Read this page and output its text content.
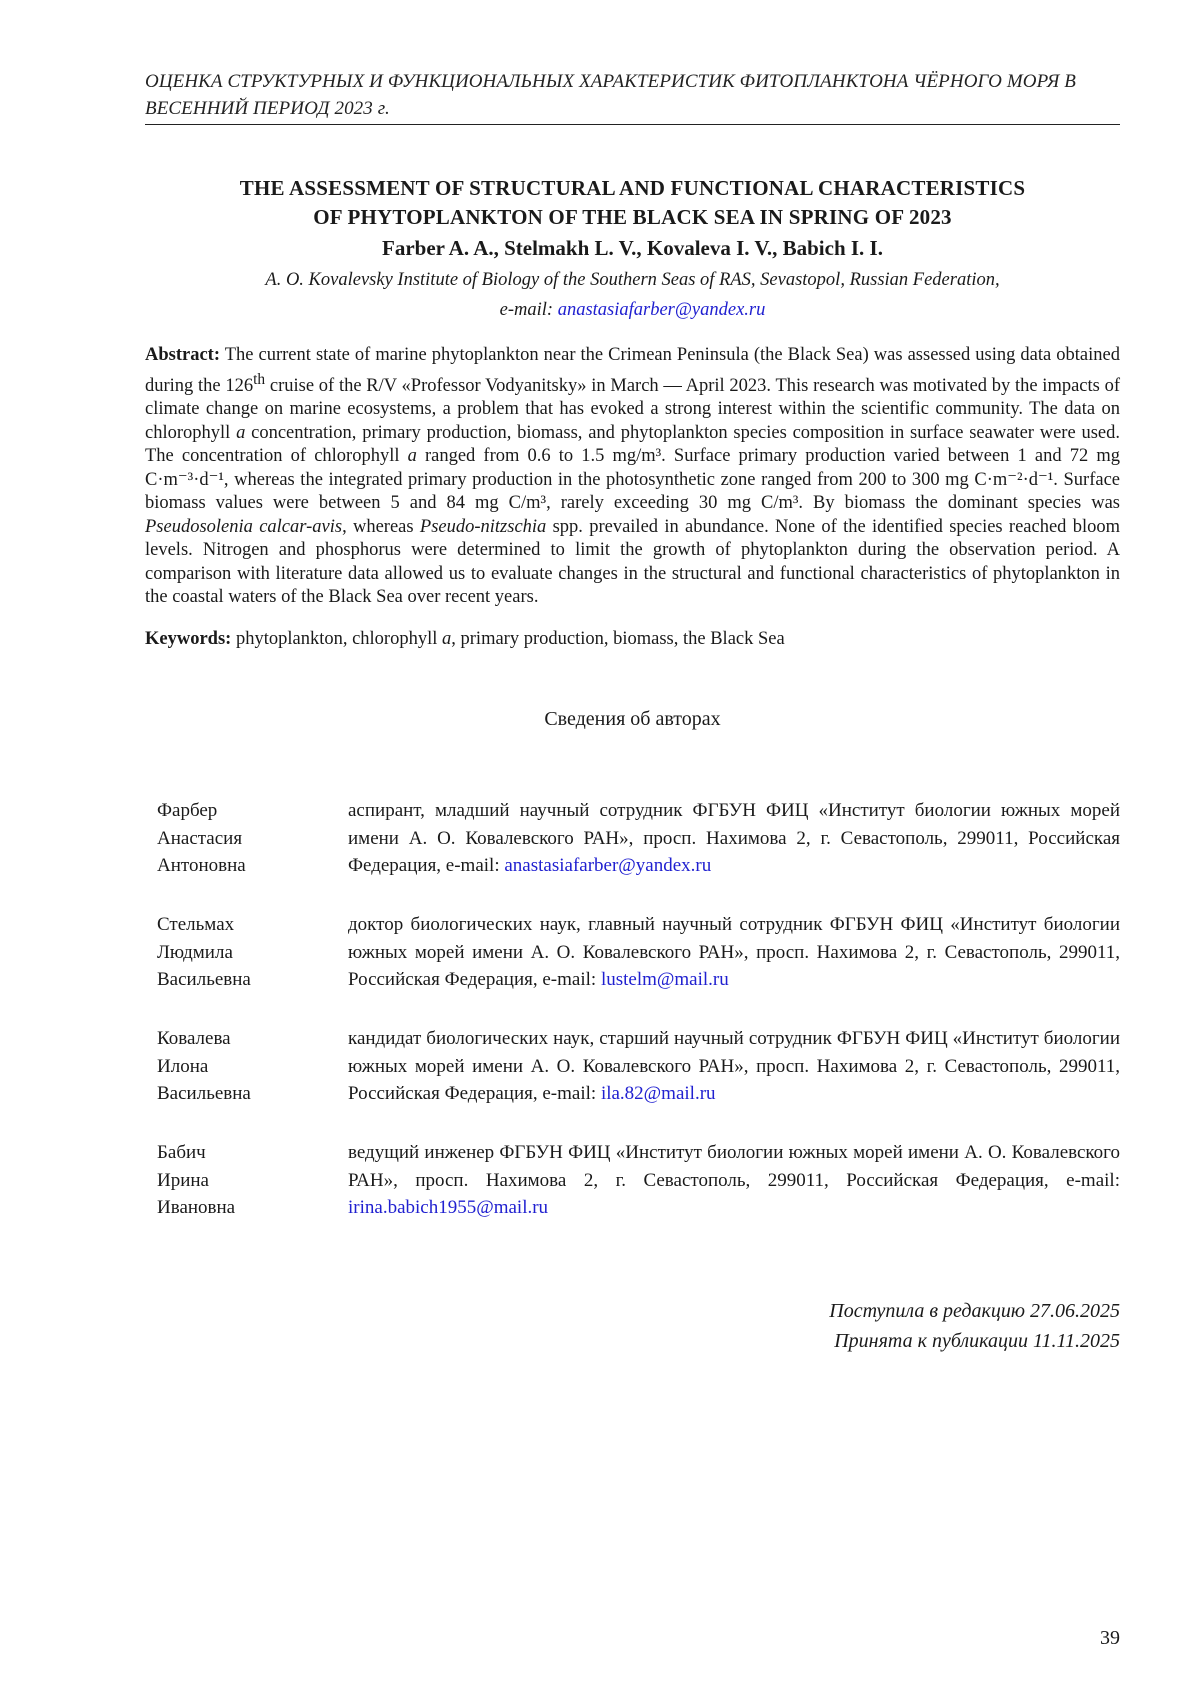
ОЦЕНКА СТРУКТУРНЫХ И ФУНКЦИОНАЛЬНЫХ ХАРАКТЕРИСТИК ФИТОПЛАНКТОНА ЧЁРНОГО МОРЯ В ВЕСЕННИЙ ПЕРИОД 2023 г.
THE ASSESSMENT OF STRUCTURAL AND FUNCTIONAL CHARACTERISTICS
OF PHYTOPLANKTON OF THE BLACK SEA IN SPRING OF 2023
Farber A. A., Stelmakh L. V., Kovaleva I. V., Babich I. I.
A. O. Kovalevsky Institute of Biology of the Southern Seas of RAS, Sevastopol, Russian Federation,
e-mail: anastasiafarber@yandex.ru
Abstract: The current state of marine phytoplankton near the Crimean Peninsula (the Black Sea) was assessed using data obtained during the 126th cruise of the R/V «Professor Vodyanitsky» in March — April 2023. This research was motivated by the impacts of climate change on marine ecosystems, a problem that has evoked a strong interest within the scientific community. The data on chlorophyll a concentration, primary production, biomass, and phytoplankton species composition in surface seawater were used. The concentration of chlorophyll a ranged from 0.6 to 1.5 mg/m³. Surface primary production varied between 1 and 72 mg C·m⁻³·d⁻¹, whereas the integrated primary production in the photosynthetic zone ranged from 200 to 300 mg C·m⁻²·d⁻¹. Surface biomass values were between 5 and 84 mg C/m³, rarely exceeding 30 mg C/m³. By biomass the dominant species was Pseudosolenia calcar-avis, whereas Pseudo-nitzschia spp. prevailed in abundance. None of the identified species reached bloom levels. Nitrogen and phosphorus were determined to limit the growth of phytoplankton during the observation period. A comparison with literature data allowed us to evaluate changes in the structural and functional characteristics of phytoplankton in the coastal waters of the Black Sea over recent years.
Keywords: phytoplankton, chlorophyll a, primary production, biomass, the Black Sea
Сведения об авторах
Фарбер
Анастасия
Антоновна
аспирант, младший научный сотрудник ФГБУН ФИЦ «Институт биологии южных морей имени А. О. Ковалевского РАН», просп. Нахимова 2, г. Севастополь, 299011, Российская Федерация, e-mail: anastasiafarber@yandex.ru
Стельмах
Людмила
Васильевна
доктор биологических наук, главный научный сотрудник ФГБУН ФИЦ «Институт биологии южных морей имени А. О. Ковалевского РАН», просп. Нахимова 2, г. Севастополь, 299011, Российская Федерация, e-mail: lustelm@mail.ru
Ковалева
Илона
Васильевна
кандидат биологических наук, старший научный сотрудник ФГБУН ФИЦ «Институт биологии южных морей имени А. О. Ковалевского РАН», просп. Нахимова 2, г. Севастополь, 299011, Российская Федерация, e-mail: ila.82@mail.ru
Бабич
Ирина
Ивановна
ведущий инженер ФГБУН ФИЦ «Институт биологии южных морей имени А. О. Ковалевского РАН», просп. Нахимова 2, г. Севастополь, 299011, Российская Федерация, e-mail: irina.babich1955@mail.ru
Поступила в редакцию 27.06.2025
Принята к публикации 11.11.2025
39
